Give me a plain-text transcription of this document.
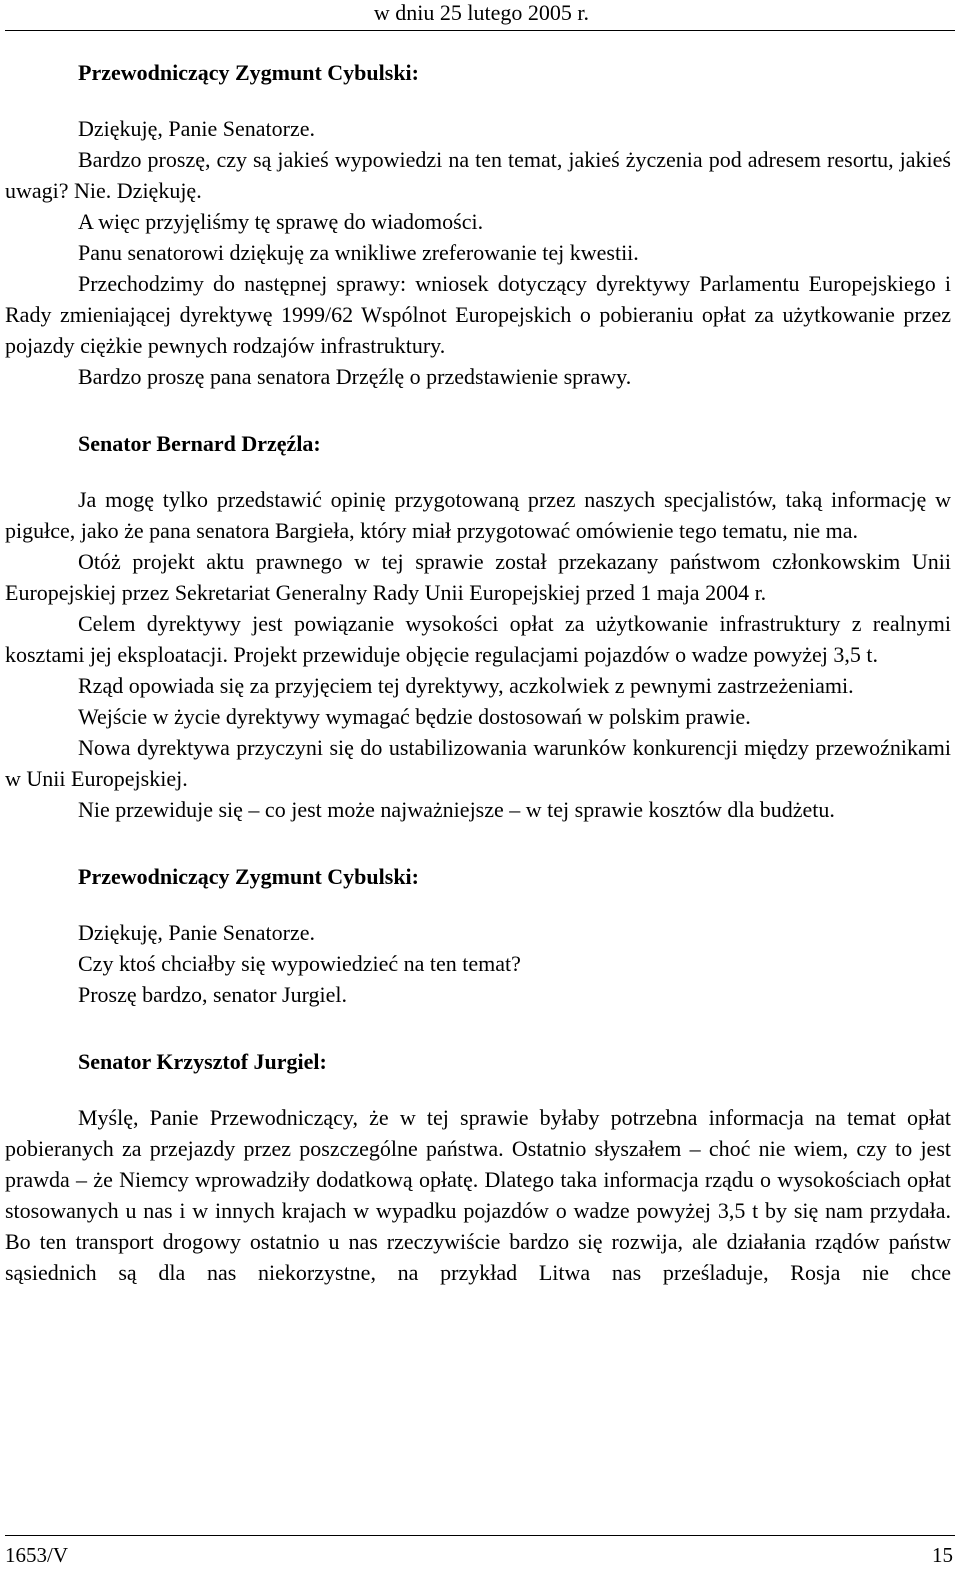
w dniu 25 lutego 2005 r.
Przewodniczący Zygmunt Cybulski:

Dziękuję, Panie Senatorze.

Bardzo proszę, czy są jakieś wypowiedzi na ten temat, jakieś życzenia pod adresem resortu, jakieś uwagi? Nie. Dziękuję.

A więc przyjęliśmy tę sprawę do wiadomości.

Panu senatorowi dziękuję za wnikliwe zreferowanie tej kwestii.

Przechodzimy do następnej sprawy: wniosek dotyczący dyrektywy Parlamentu Europejskiego i Rady zmieniającej dyrektywę 1999/62 Wspólnot Europejskich o pobieraniu opłat za użytkowanie przez pojazdy ciężkie pewnych rodzajów infrastruktury.

Bardzo proszę pana senatora Drzęźlę o przedstawienie sprawy.

Senator Bernard Drzęźla:

Ja mogę tylko przedstawić opinię przygotowaną przez naszych specjalistów, taką informację w pigułce, jako że pana senatora Bargieła, który miał przygotować omówienie tego tematu, nie ma.

Otóż projekt aktu prawnego w tej sprawie został przekazany państwom członkowskim Unii Europejskiej przez Sekretariat Generalny Rady Unii Europejskiej przed 1 maja 2004 r.

Celem dyrektywy jest powiązanie wysokości opłat za użytkowanie infrastruktury z realnymi kosztami jej eksploatacji. Projekt przewiduje objęcie regulacjami pojazdów o wadze powyżej 3,5 t.

Rząd opowiada się za przyjęciem tej dyrektywy, aczkolwiek z pewnymi zastrzeżeniami.

Wejście w życie dyrektywy wymagać będzie dostosowań w polskim prawie.

Nowa dyrektywa przyczyni się do ustabilizowania warunków konkurencji między przewoźnikami w Unii Europejskiej.

Nie przewiduje się – co jest może najważniejsze – w tej sprawie kosztów dla budżetu.

Przewodniczący Zygmunt Cybulski:

Dziękuję, Panie Senatorze.

Czy ktoś chciałby się wypowiedzieć na ten temat?

Proszę bardzo, senator Jurgiel.

Senator Krzysztof Jurgiel:

Myślę, Panie Przewodniczący, że w tej sprawie byłaby potrzebna informacja na temat opłat pobieranych za przejazdy przez poszczególne państwa. Ostatnio słyszałem – choć nie wiem, czy to jest prawda – że Niemcy wprowadziły dodatkową opłatę. Dlatego taka informacja rządu o wysokościach opłat stosowanych u nas i w innych krajach w wypadku pojazdów o wadze powyżej 3,5 t by się nam przydała. Bo ten transport drogowy ostatnio u nas rzeczywiście bardzo się rozwija, ale działania rządów państw sąsiednich są dla nas niekorzystne, na przykład Litwa nas prześladuje, Rosja nie chce

1653/V	15
